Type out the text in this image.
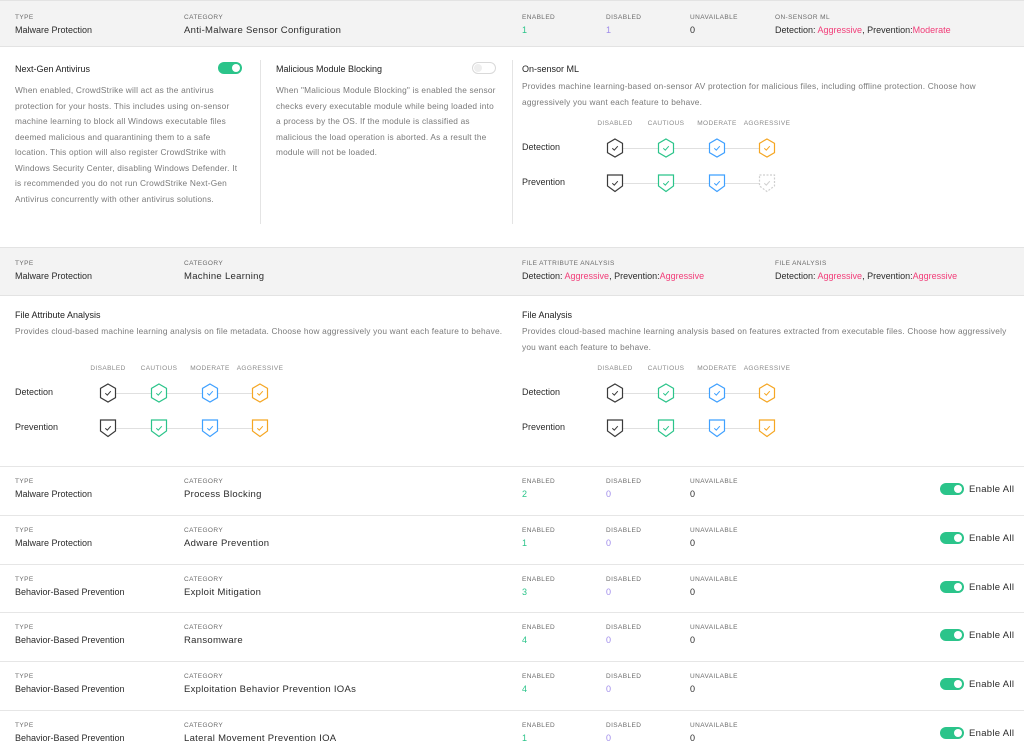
TYPE
Malware Protection
CATEGORY
Anti-Malware Sensor Configuration
ENABLED
1
DISABLED
1
UNAVAILABLE
0
ON-SENSOR ML
Detection: Aggressive, Prevention:Moderate
Next-Gen Antivirus
When enabled, CrowdStrike will act as the antivirus protection for your hosts. This includes using on-sensor machine learning to block all Windows executable files deemed malicious and quarantining them to a safe location. This option will also register CrowdStrike with Windows Security Center, disabling Windows Defender. It is recommended you do not run CrowdStrike Next-Gen Antivirus concurrently with other antivirus solutions.
Malicious Module Blocking
When "Malicious Module Blocking" is enabled the sensor checks every executable module while being loaded into a process by the OS. If the module is classified as malicious the load operation is aborted. As a result the module will not be loaded.
On-sensor ML
Provides machine learning-based on-sensor AV protection for malicious files, including offline protection. Choose how aggressively you want each feature to behave.
DISABLED CAUTIOUS MODERATE AGGRESSIVE
Detection
Prevention
TYPE
Malware Protection
CATEGORY
Machine Learning
FILE ATTRIBUTE ANALYSIS
Detection: Aggressive, Prevention:Aggressive
FILE ANALYSIS
Detection: Aggressive, Prevention:Aggressive
File Attribute Analysis
Provides cloud-based machine learning analysis on file metadata. Choose how aggressively you want each feature to behave.
DISABLED CAUTIOUS MODERATE AGGRESSIVE
Detection
Prevention
File Analysis
Provides cloud-based machine learning analysis based on features extracted from executable files. Choose how aggressively you want each feature to behave.
DISABLED CAUTIOUS MODERATE AGGRESSIVE
Detection
Prevention
TYPE
Malware Protection
CATEGORY
Process Blocking
ENABLED
2
DISABLED
0
UNAVAILABLE
0	Enable All
TYPE
Malware Protection
CATEGORY
Adware Prevention
ENABLED
1
DISABLED
0
UNAVAILABLE
0	Enable All
TYPE
Behavior-Based Prevention
CATEGORY
Exploit Mitigation
ENABLED
3
DISABLED
0
UNAVAILABLE
0	Enable All
TYPE
Behavior-Based Prevention
CATEGORY
Ransomware
ENABLED
4
DISABLED
0
UNAVAILABLE
0	Enable All
TYPE
Behavior-Based Prevention
CATEGORY
Exploitation Behavior Prevention IOAs
ENABLED
4
DISABLED
0
UNAVAILABLE
0	Enable All
TYPE
Behavior-Based Prevention
CATEGORY
Lateral Movement Prevention IOA
ENABLED
1
DISABLED
0
UNAVAILABLE
0	Enable All
